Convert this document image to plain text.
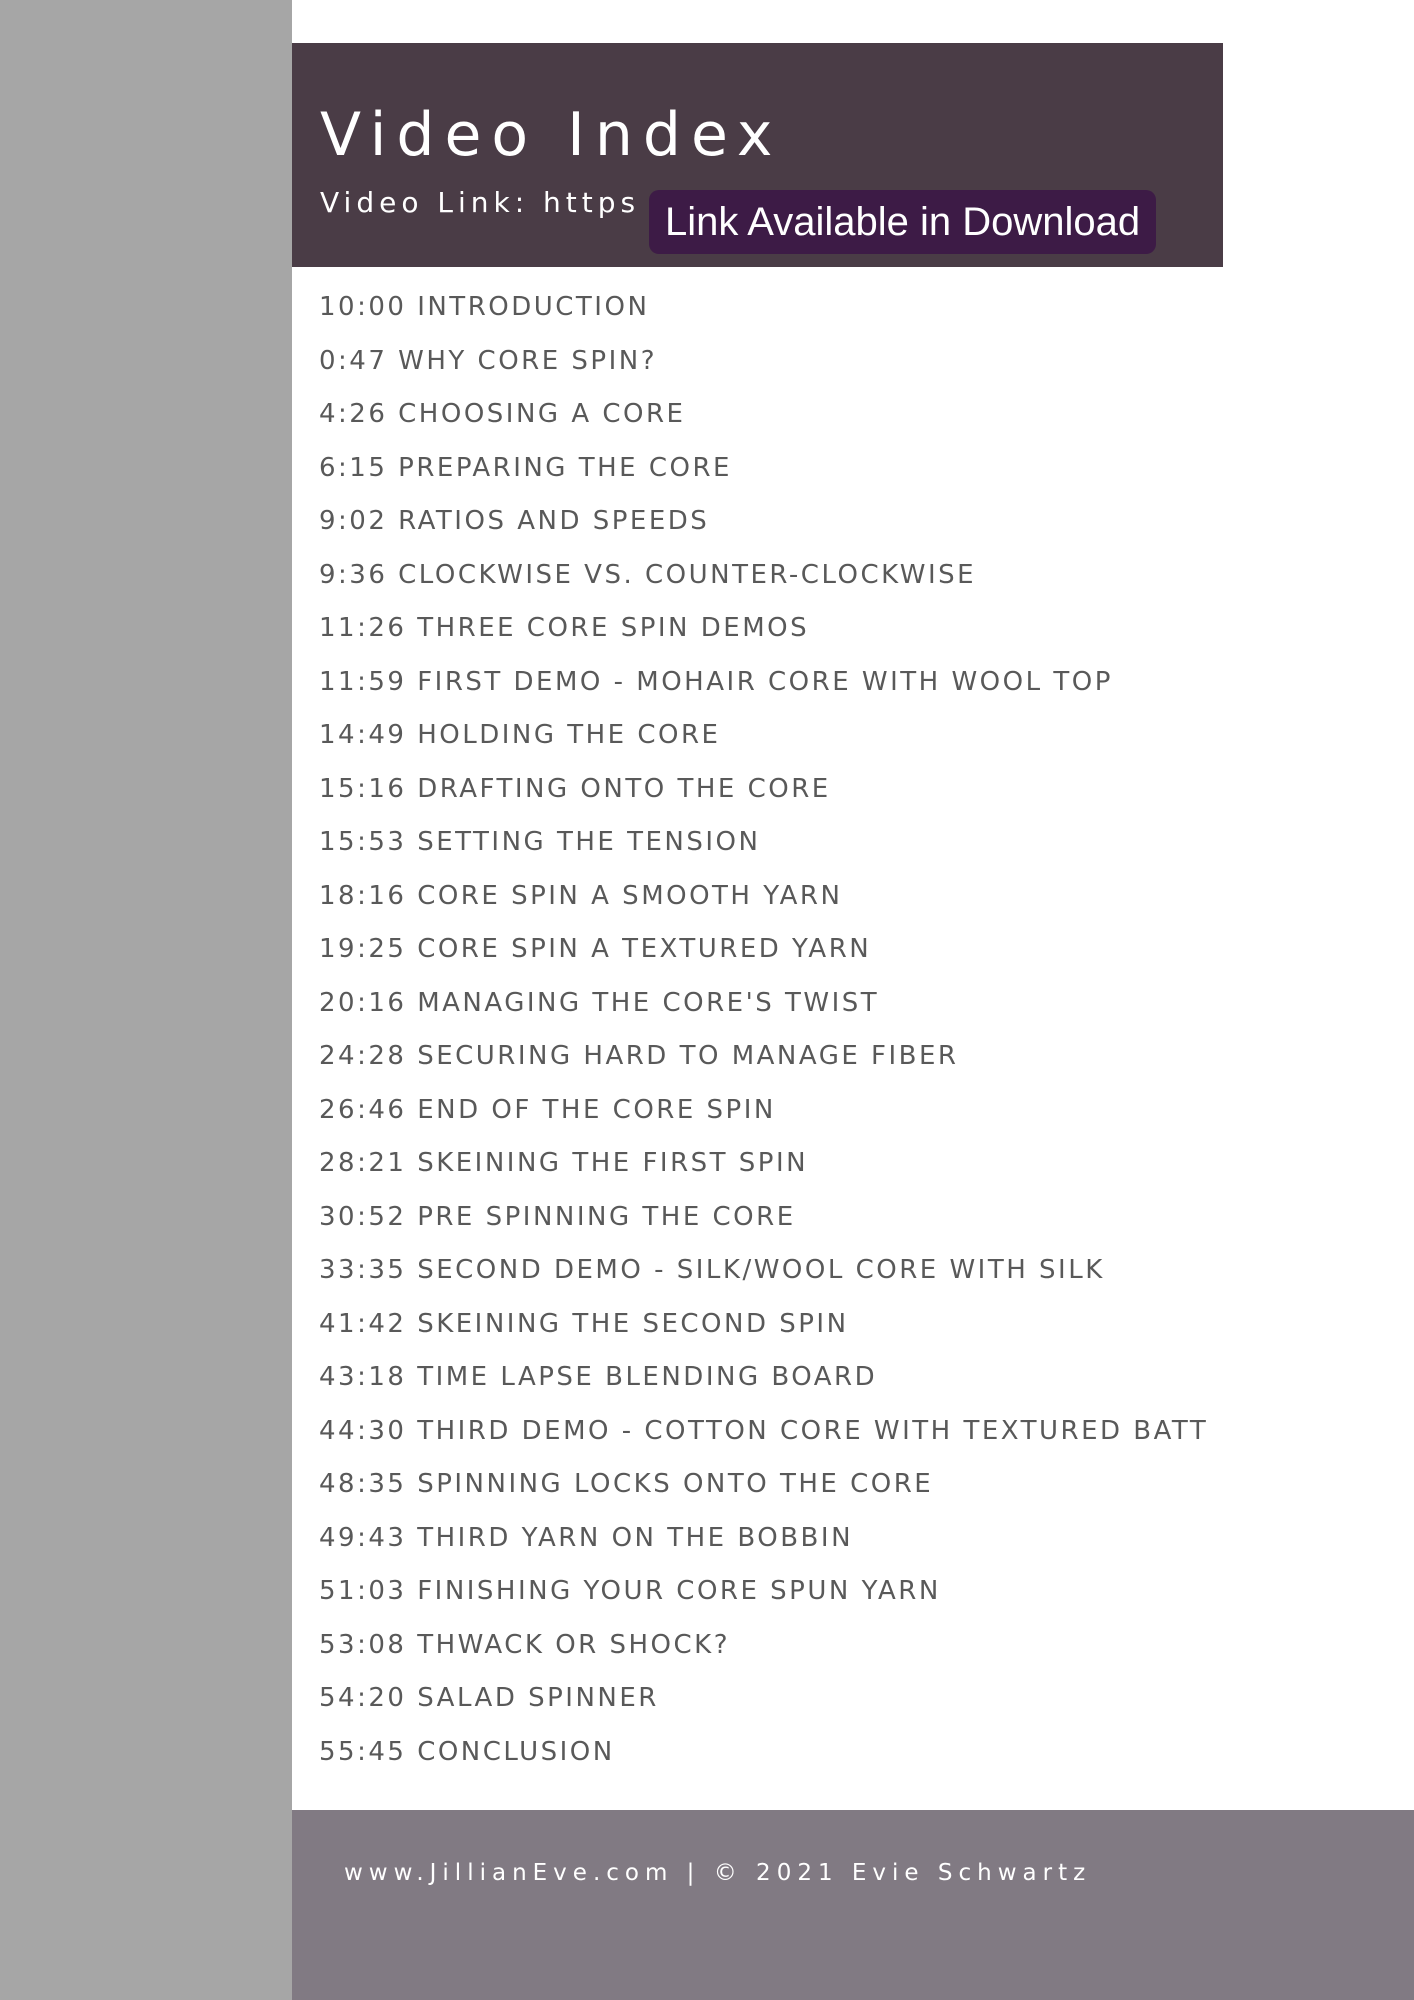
Video Index
Video Link: https Link Available in Download
10:00 INTRODUCTION
0:47 WHY CORE SPIN?
4:26 CHOOSING A CORE
6:15 PREPARING THE CORE
9:02 RATIOS AND SPEEDS
9:36 CLOCKWISE VS. COUNTER-CLOCKWISE
11:26 THREE CORE SPIN DEMOS
11:59 FIRST DEMO - MOHAIR CORE WITH WOOL TOP
14:49 HOLDING THE CORE
15:16 DRAFTING ONTO THE CORE
15:53 SETTING THE TENSION
18:16 CORE SPIN A SMOOTH YARN
19:25 CORE SPIN A TEXTURED YARN
20:16 MANAGING THE CORE'S TWIST
24:28 SECURING HARD TO MANAGE FIBER
26:46 END OF THE CORE SPIN
28:21 SKEINING THE FIRST SPIN
30:52 PRE SPINNING THE CORE
33:35 SECOND DEMO - SILK/WOOL CORE WITH SILK
41:42 SKEINING THE SECOND SPIN
43:18 TIME LAPSE BLENDING BOARD
44:30 THIRD DEMO - COTTON CORE WITH TEXTURED BATT
48:35 SPINNING LOCKS ONTO THE CORE
49:43 THIRD YARN ON THE BOBBIN
51:03 FINISHING YOUR CORE SPUN YARN
53:08 THWACK OR SHOCK?
54:20 SALAD SPINNER
55:45 CONCLUSION
www.JillianEve.com | © 2021 Evie Schwartz
